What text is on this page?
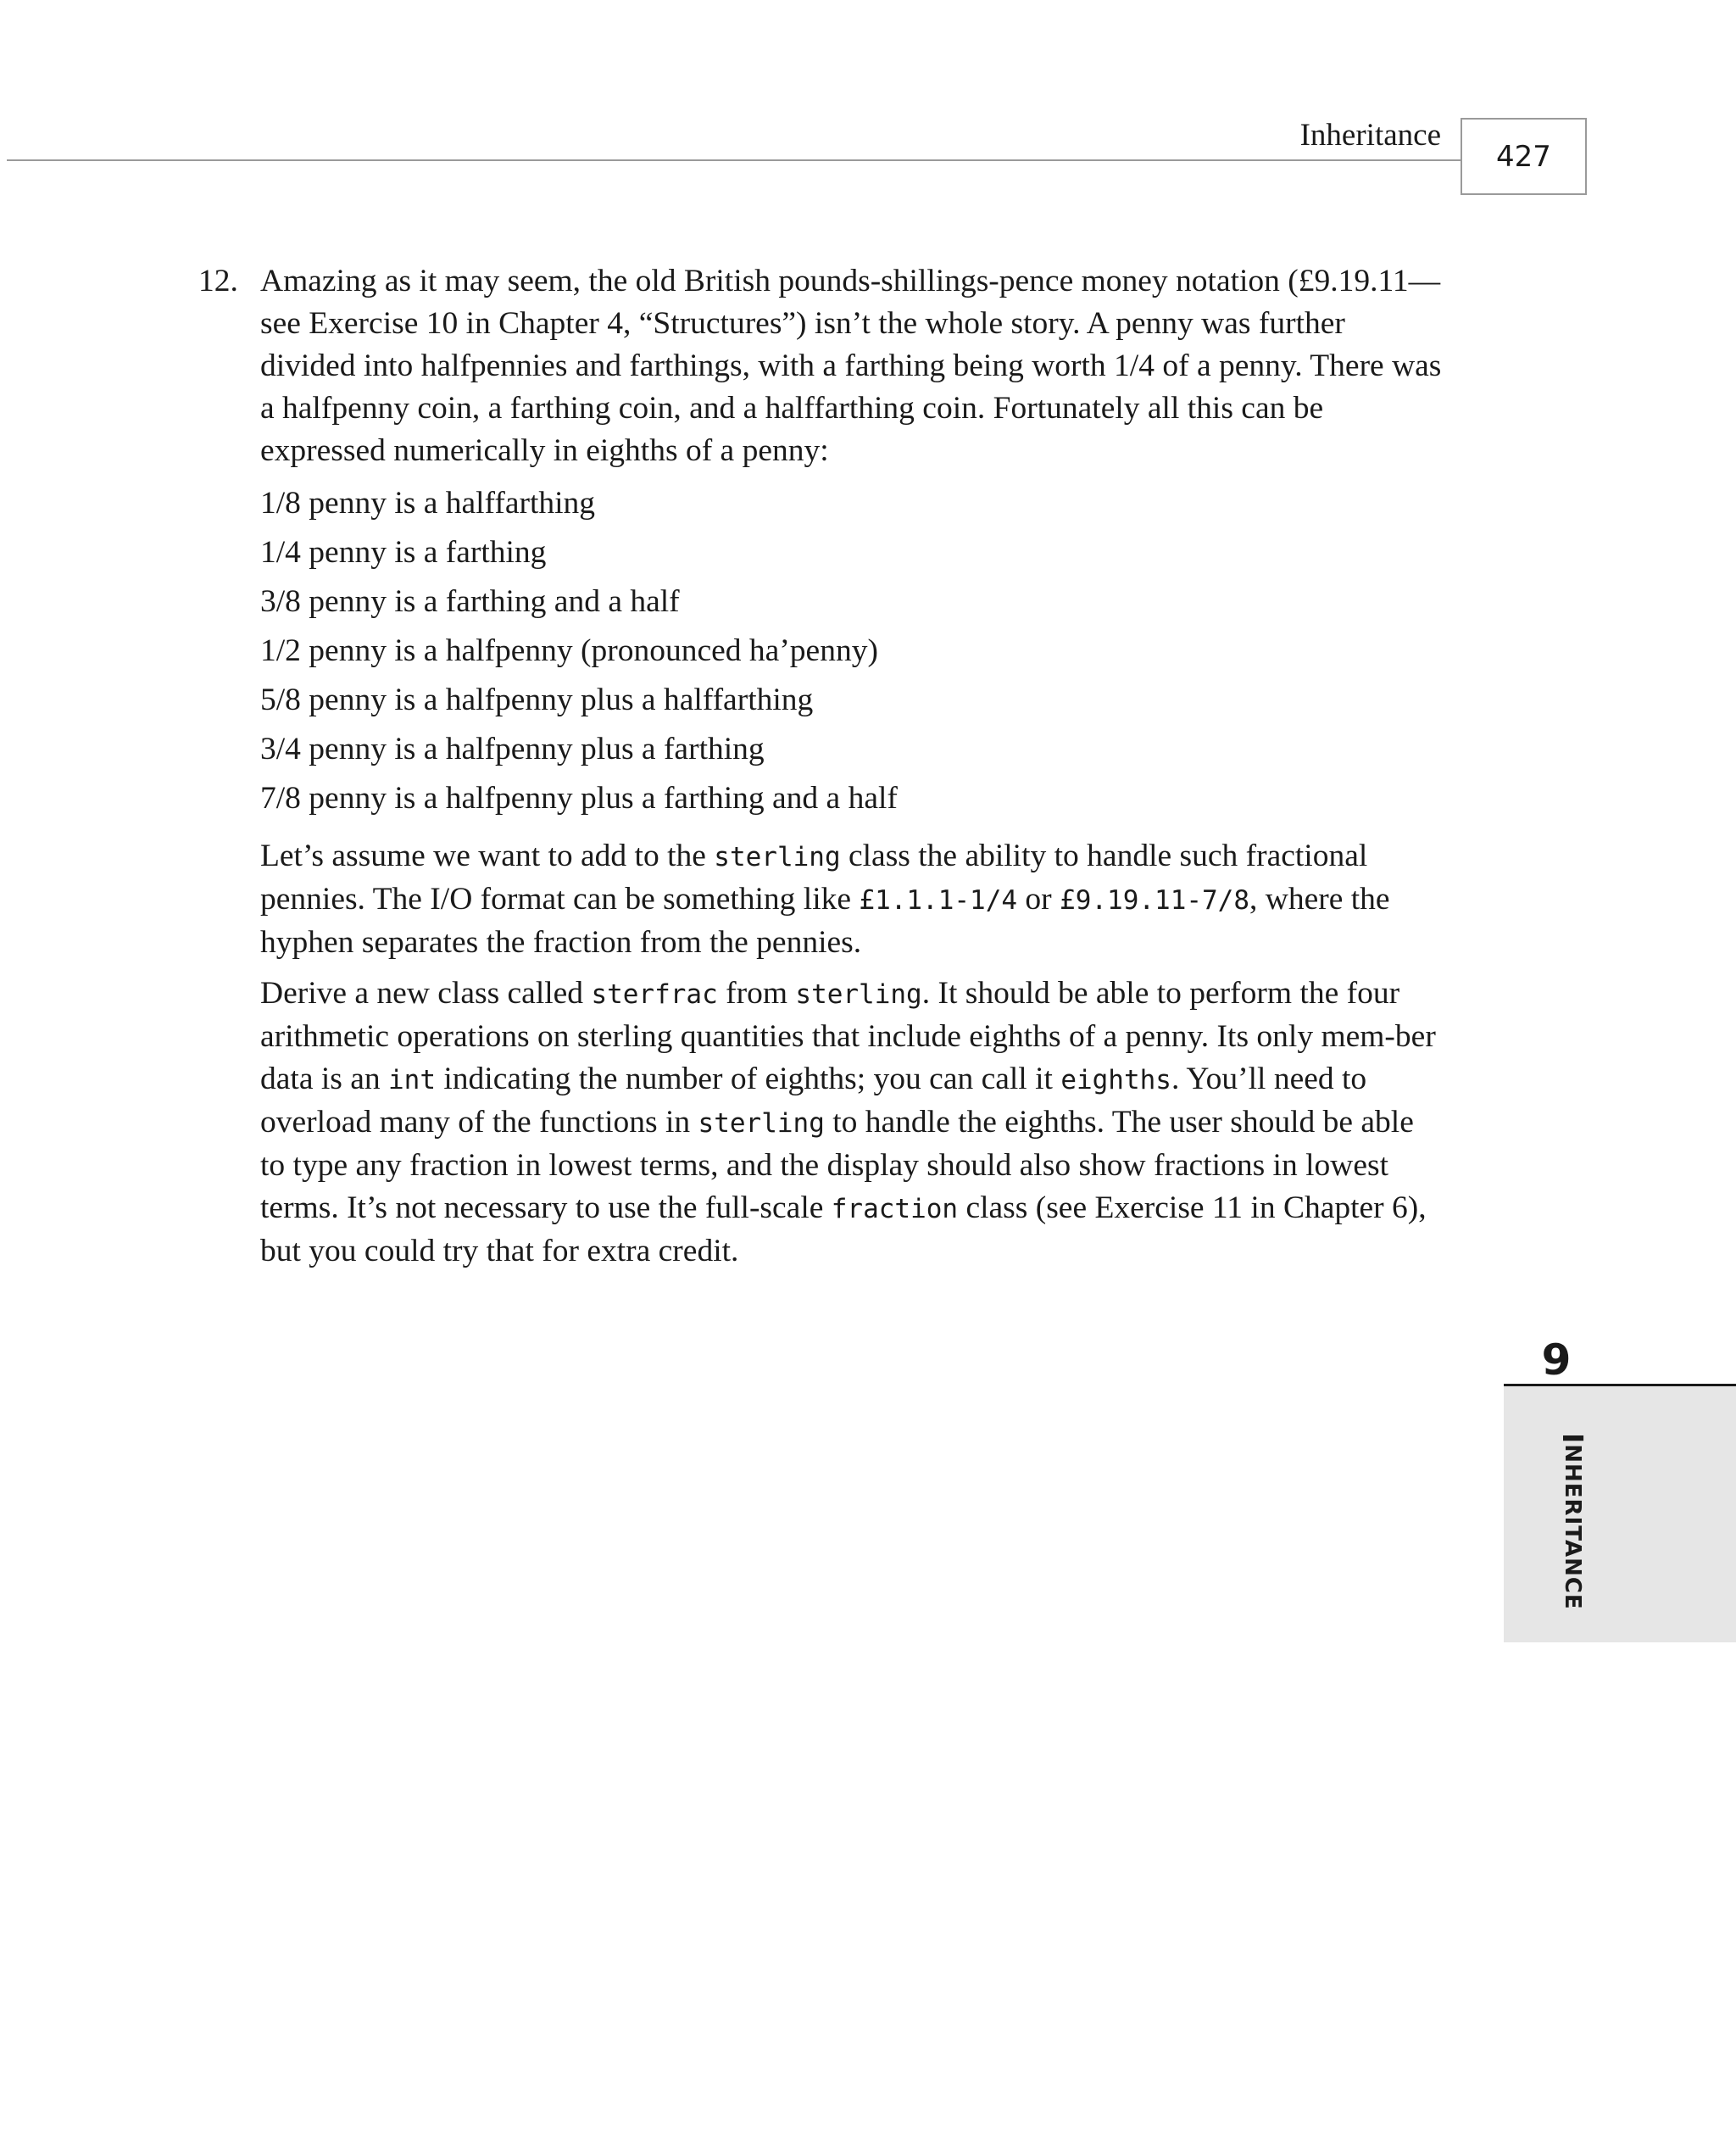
Inheritance
427
12. Amazing as it may seem, the old British pounds-shillings-pence money notation (£9.19.11—see Exercise 10 in Chapter 4, “Structures”) isn’t the whole story. A penny was further divided into halfpennies and farthings, with a farthing being worth 1/4 of a penny. There was a halfpenny coin, a farthing coin, and a halffarthing coin. Fortunately all this can be expressed numerically in eighths of a penny:

1/8 penny is a halffarthing
1/4 penny is a farthing
3/8 penny is a farthing and a half
1/2 penny is a halfpenny (pronounced ha’penny)
5/8 penny is a halfpenny plus a halffarthing
3/4 penny is a halfpenny plus a farthing
7/8 penny is a halfpenny plus a farthing and a half

Let’s assume we want to add to the sterling class the ability to handle such fractional pennies. The I/O format can be something like £1.1.1-1/4 or £9.19.11-7/8, where the hyphen separates the fraction from the pennies.

Derive a new class called sterfrac from sterling. It should be able to perform the four arithmetic operations on sterling quantities that include eighths of a penny. Its only mem-ber data is an int indicating the number of eighths; you can call it eighths. You’ll need to overload many of the functions in sterling to handle the eighths. The user should be able to type any fraction in lowest terms, and the display should also show fractions in lowest terms. It’s not necessary to use the full-scale fraction class (see Exercise 11 in Chapter 6), but you could try that for extra credit.

9
INHERITANCE
